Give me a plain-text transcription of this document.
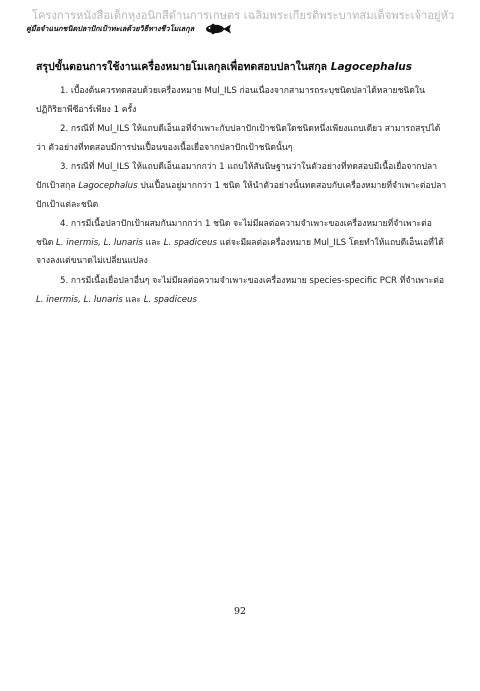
โครงการหนังสือเด็กหุงอนิกสีดำนการเกษตร เฉลิมพระเกียรติพระบาทสมเด็จพระเจ้าอยู่หัว
คู่มือจำแนกชนิดปลาปักเป้าทะเลด้วยวิธีทางชีวโมเลกุล
สรุปขั้นตอนการใช้งานเครื่องหมายโมเลกุลเพื่อทดสอบปลาในสกุล Lagocephalus

1. เบื้องต้นควรทดสอบด้วยเครื่องหมาย Mul_ILS ก่อนเนื่องจากสามารถระบุชนิดปลาได้หลายชนิดในปฏิกิริยาพีซีอาร์เพียง 1 ครั้ง

2. กรณีที่ Mul_ILS ให้แถบดีเอ็นเอที่จำเพาะกับปลาปักเป้าชนิดใดชนิดหนึ่งเพียงแถบเดียว สามารถสรุปได้ว่า ตัวอย่างที่ทดสอบมีการปนเปื้อนของเนื้อเยื่อจากปลาปักเป้าชนิดนั้นๆ

3. กรณีที่ Mul_ILS ให้แถบดีเอ็นเอมากกว่า 1 แถบให้สันนิษฐานว่าในตัวอย่างที่ทดสอบมีเนื้อเยื่อจากปลาปักเป้าสกุล Lagocephalus ปนเปื้อนอยู่มากกว่า 1 ชนิด ให้นำตัวอย่างนั้นทดสอบกับเครื่องหมายที่จำเพาะต่อปลาปักเป้าแต่ละชนิด

4. การมีเนื้อปลาปักเป้าผสมกันมากกว่า 1 ชนิด จะไม่มีผลต่อความจำเพาะของเครื่องหมายที่จำเพาะต่อชนิด L. inermis, L. lunaris และ L. spadiceus แต่จะมีผลต่อเครื่องหมาย Mul_ILS โดยทำให้แถบดีเอ็นเอที่ได้จางลงแต่ขนาดไม่เปลี่ยนแปลง

5. การมีเนื้อเยื่อปลาอื่นๆ จะไม่มีผลต่อความจำเพาะของเครื่องหมาย species-specific PCR ที่จำเพาะต่อ L. inermis, L. lunaris และ L. spadiceus

92
